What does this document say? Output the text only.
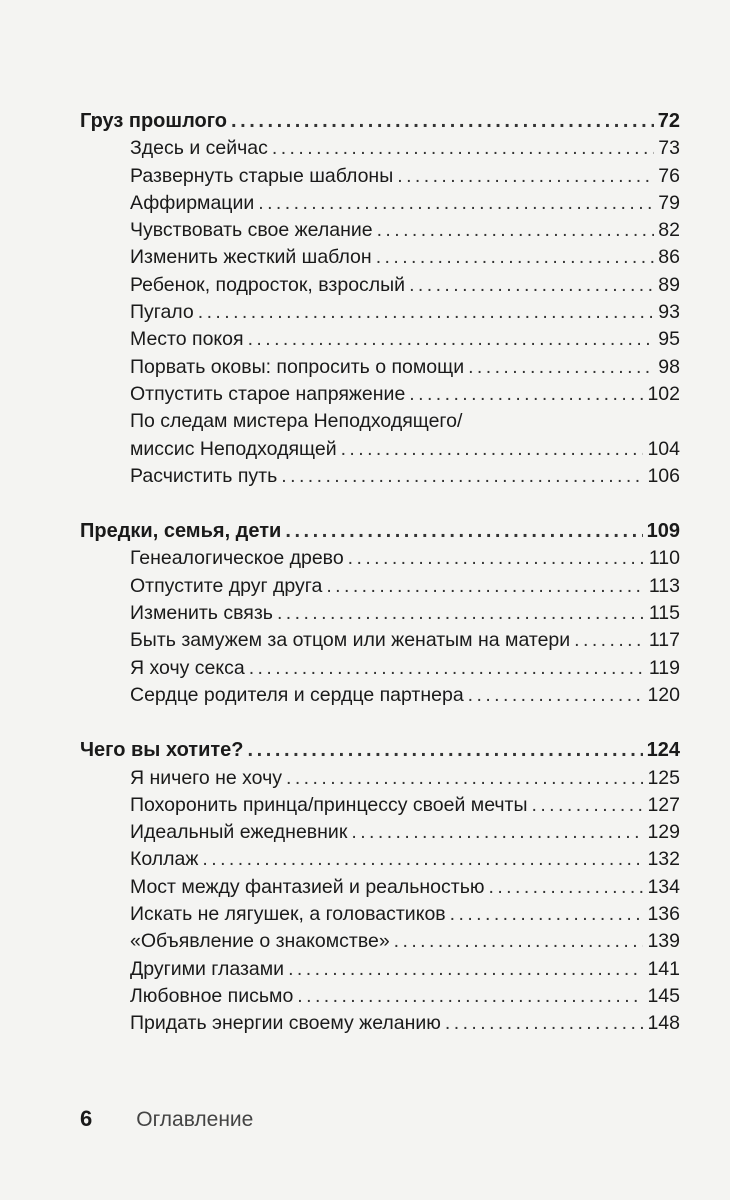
Груз прошлого . . .	72
Здесь и сейчас . . .	73
Развернуть старые шаблоны . . .	76
Аффирмации . . .	79
Чувствовать свое желание . . .	82
Изменить жесткий шаблон . . .	86
Ребенок, подросток, взрослый . . .	89
Пугало . . .	93
Место покоя . . .	95
Порвать оковы: попросить о помощи . . .	98
Отпустить старое напряжение . . .	102
По следам мистера Неподходящего/
миссис Неподходящей . . .	104
Расчистить путь . . .	106
Предки, семья, дети . . .	109
Генеалогическое древо . . .	110
Отпустите друг друга . . .	113
Изменить связь . . .	115
Быть замужем за отцом или женатым на матери . . .	117
Я хочу секса . . .	119
Сердце родителя и сердце партнера . . .	120
Чего вы хотите? . . .	124
Я ничего не хочу . . .	125
Похоронить принца/принцессу своей мечты . . .	127
Идеальный ежедневник . . .	129
Коллаж . . .	132
Мост между фантазией и реальностью . . .	134
Искать не лягушек, а головастиков . . .	136
«Объявление о знакомстве» . . .	139
Другими глазами . . .	141
Любовное письмо . . .	145
Придать энергии своему желанию . . .	148
6 Оглавление
